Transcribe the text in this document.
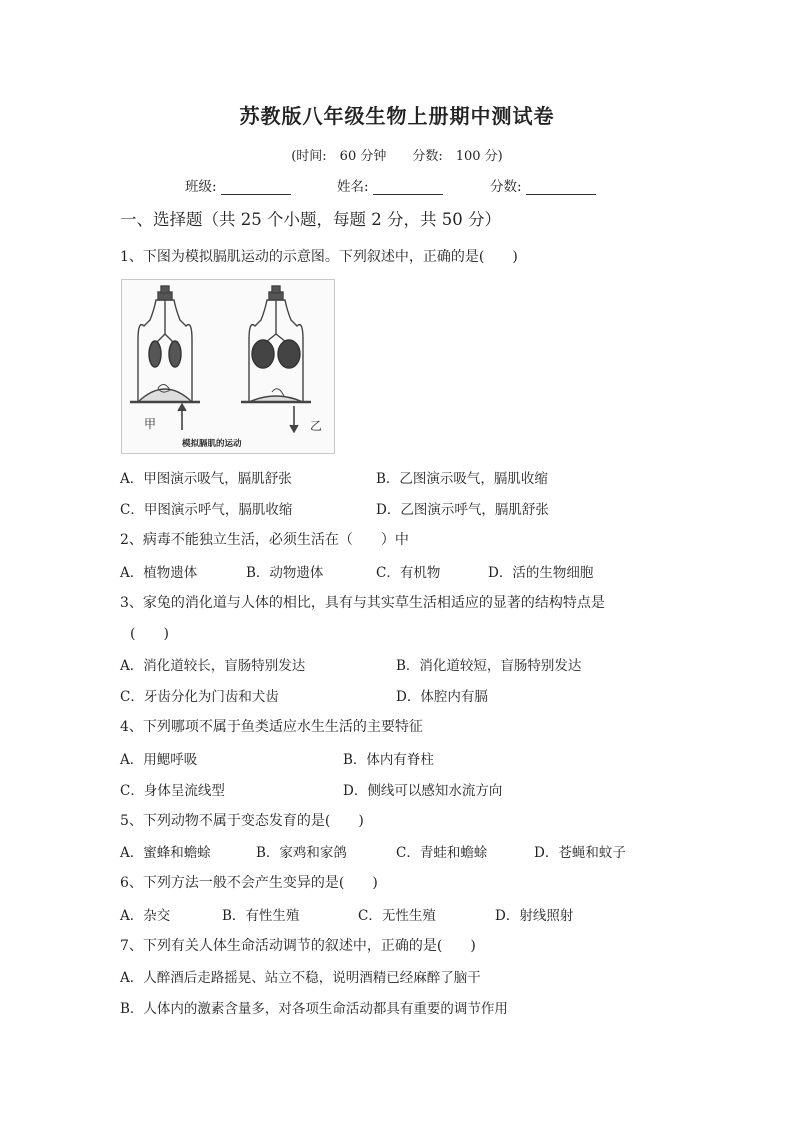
苏教版八年级生物上册期中测试卷
(时间:　60 分钟　　分数:　100 分)
班级:	姓名:	分数:
一、选择题（共 25 个小题，每题 2 分，共 50 分）
1、下图为模拟膈肌运动的示意图。下列叙述中，正确的是(　　)
甲	乙
模拟膈肌的运动
A．甲图演示吸气，膈肌舒张	B．乙图演示吸气，膈肌收缩
C．甲图演示呼气，膈肌收缩	D．乙图演示呼气，膈肌舒张
2、病毒不能独立生活，必须生活在（　　）中
A．植物遗体	B．动物遗体	C．有机物	D．活的生物细胞
3、家兔的消化道与人体的相比，具有与其实草生活相适应的显著的结构特点是
(　　)
A．消化道较长，盲肠特别发达	B．消化道较短，盲肠特别发达
C．牙齿分化为门齿和犬齿	D．体腔内有膈
4、下列哪项不属于鱼类适应水生生活的主要特征
A．用鳃呼吸	B．体内有脊柱
C．身体呈流线型	D．侧线可以感知水流方向
5、下列动物不属于变态发育的是(　　)
A．蜜蜂和蟾蜍	B．家鸡和家鸽	C．青蛙和蟾蜍	D．苍蝇和蚊子
6、下列方法一般不会产生变异的是(　　)
A．杂交	B．有性生殖	C．无性生殖	D．射线照射
7、下列有关人体生命活动调节的叙述中，正确的是(　　)
A．人醉酒后走路摇晃、站立不稳，说明酒精已经麻醉了脑干
B．人体内的激素含量多，对各项生命活动都具有重要的调节作用
